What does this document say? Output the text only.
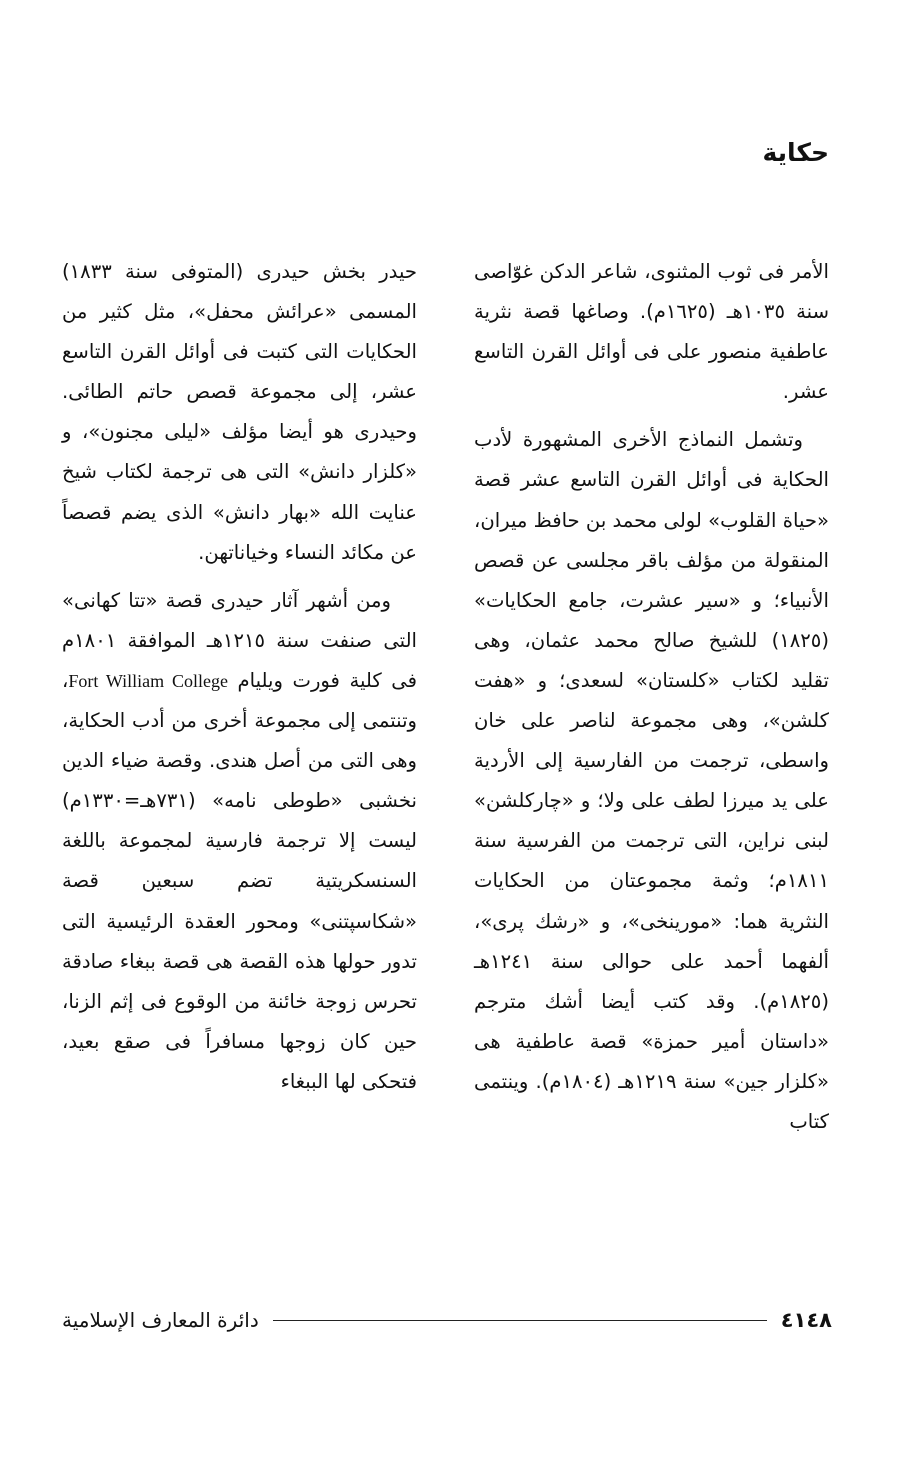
حكاية

الأمر فى ثوب المثنوى، شاعر الدكن غوّاصى سنة ١٠٣٥هـ (١٦٢٥م). وصاغها قصة نثرية عاطفية منصور على فى أوائل القرن التاسع عشر.

وتشمل النماذج الأخرى المشهورة لأدب الحكاية فى أوائل القرن التاسع عشر قصة «حياة القلوب» لولى محمد بن حافظ ميران، المنقولة من مؤلف باقر مجلسى عن قصص الأنبياء؛ و «سير عشرت، جامع الحكايات» (١٨٢٥) للشيخ صالح محمد عثمان، وهى تقليد لكتاب «كلستان» لسعدى؛ و «هفت كلشن»، وهى مجموعة لناصر على خان واسطى، ترجمت من الفارسية إلى الأردية على يد ميرزا لطف على ولا؛ و «چاركلشن» لبنى نراين، التى ترجمت من الفرسية سنة ١٨١١م؛ وثمة مجموعتان من الحكايات النثرية هما: «مورينخى»، و «رشك پرى»، ألفهما أحمد على حوالى سنة ١٢٤١هـ (١٨٢٥م). وقد كتب أيضا أشك مترجم «داستان أمير حمزة» قصة عاطفية هى «كلزار جين» سنة ١٢١٩هـ (١٨٠٤م). وينتمى كتاب

حيدر بخش حيدرى (المتوفى سنة ١٨٣٣) المسمى «عرائش محفل»، مثل كثير من الحكايات التى كتبت فى أوائل القرن التاسع عشر، إلى مجموعة قصص حاتم الطائى. وحيدرى هو أيضا مؤلف «ليلى مجنون»، و «كلزار دانش» التى هى ترجمة لكتاب شيخ عنايت الله «بهار دانش» الذى يضم قصصاً عن مكائد النساء وخياناتهن.

ومن أشهر آثار حيدرى قصة «تتا كهانى» التى صنفت سنة ١٢١٥هـ الموافقة ١٨٠١م فى كلية فورت ويليام Fort William College، وتنتمى إلى مجموعة أخرى من أدب الحكاية، وهى التى من أصل هندى. وقصة ضياء الدين نخشبى «طوطى نامه» (٧٣١هـ=١٣٣٠م) ليست إلا ترجمة فارسية لمجموعة باللغة السنسكريتية تضم سبعين قصة «شكاسپتنى» ومحور العقدة الرئيسية التى تدور حولها هذه القصة هى قصة ببغاء صادقة تحرس زوجة خائنة من الوقوع فى إثم الزنا، حين كان زوجها مسافراً فى صقع بعيد، فتحكى لها الببغاء

٤١٤٨
دائرة المعارف الإسلامية
